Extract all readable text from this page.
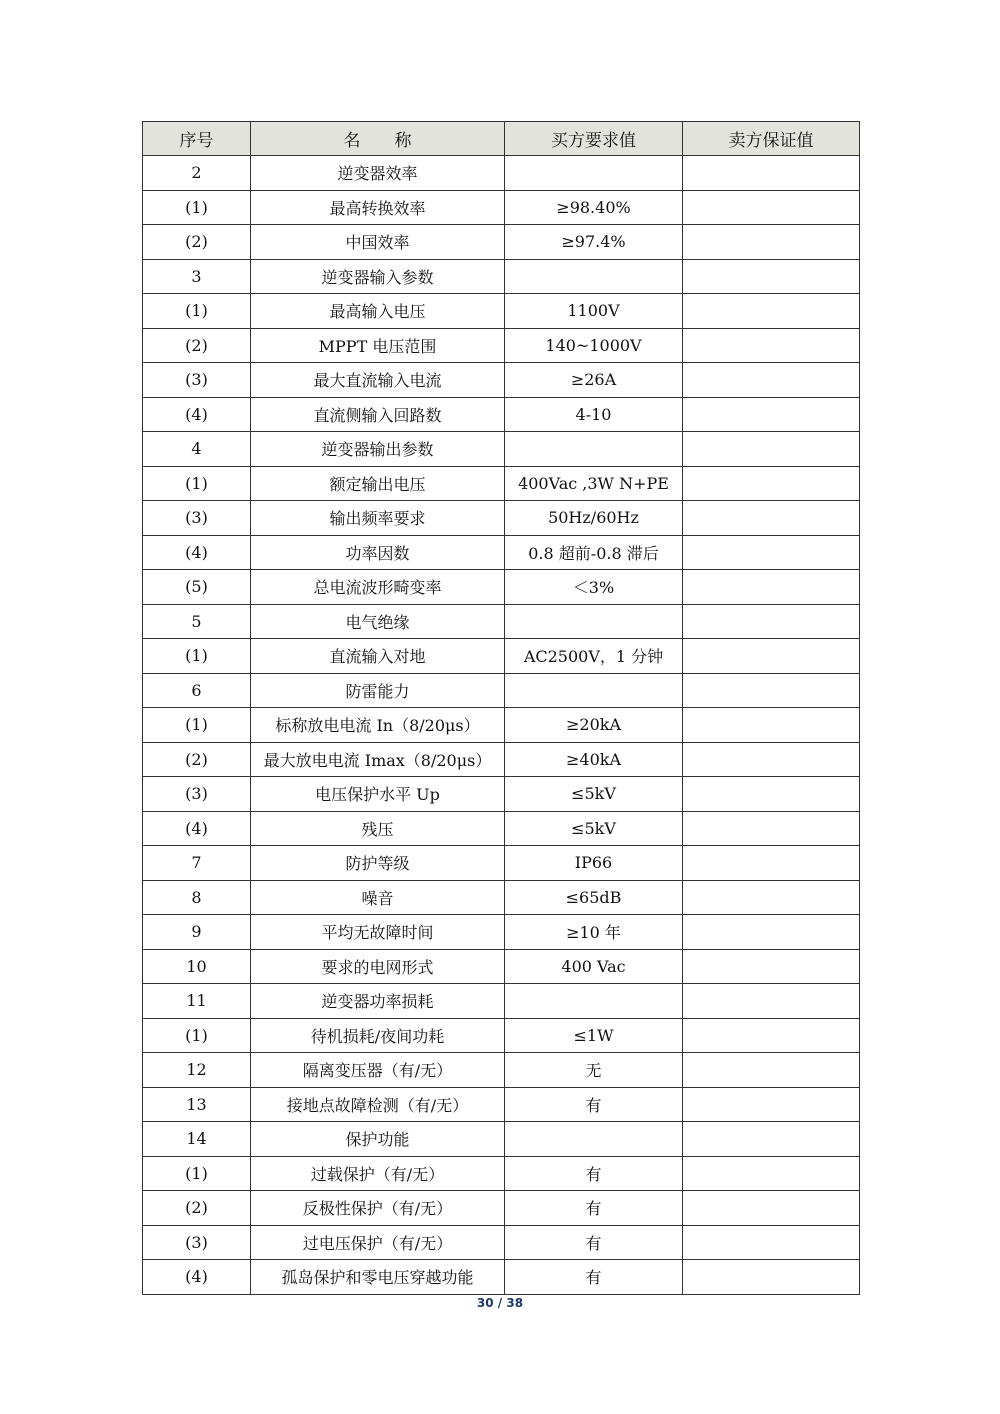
序号	名　　称	买方要求值	卖方保证值
2	逆变器效率		
(1)	最高转换效率	≥98.40%	
(2)	中国效率	≥97.4%	
3	逆变器输入参数		
(1)	最高输入电压	1100V	
(2)	MPPT 电压范围	140~1000V	
(3)	最大直流输入电流	≥26A	
(4)	直流侧输入回路数	4-10	
4	逆变器输出参数		
(1)	额定输出电压	400Vac ,3W N+PE	
(3)	输出频率要求	50Hz/60Hz	
(4)	功率因数	0.8 超前-0.8 滞后	
(5)	总电流波形畸变率	＜3%	
5	电气绝缘		
(1)	直流输入对地	AC2500V，1 分钟	
6	防雷能力		
(1)	标称放电电流 In（8/20μs）	≥20kA	
(2)	最大放电电流 Imax（8/20μs）	≥40kA	
(3)	电压保护水平 Up	≤5kV	
(4)	残压	≤5kV	
7	防护等级	IP66	
8	噪音	≤65dB	
9	平均无故障时间	≥10 年	
10	要求的电网形式	400 Vac	
11	逆变器功率损耗		
(1)	待机损耗/夜间功耗	≤1W	
12	隔离变压器（有/无）	无	
13	接地点故障检测（有/无）	有	
14	保护功能		
(1)	过载保护（有/无）	有	
(2)	反极性保护（有/无）	有	
(3)	过电压保护（有/无）	有	
(4)	孤岛保护和零电压穿越功能	有	
30 / 38
